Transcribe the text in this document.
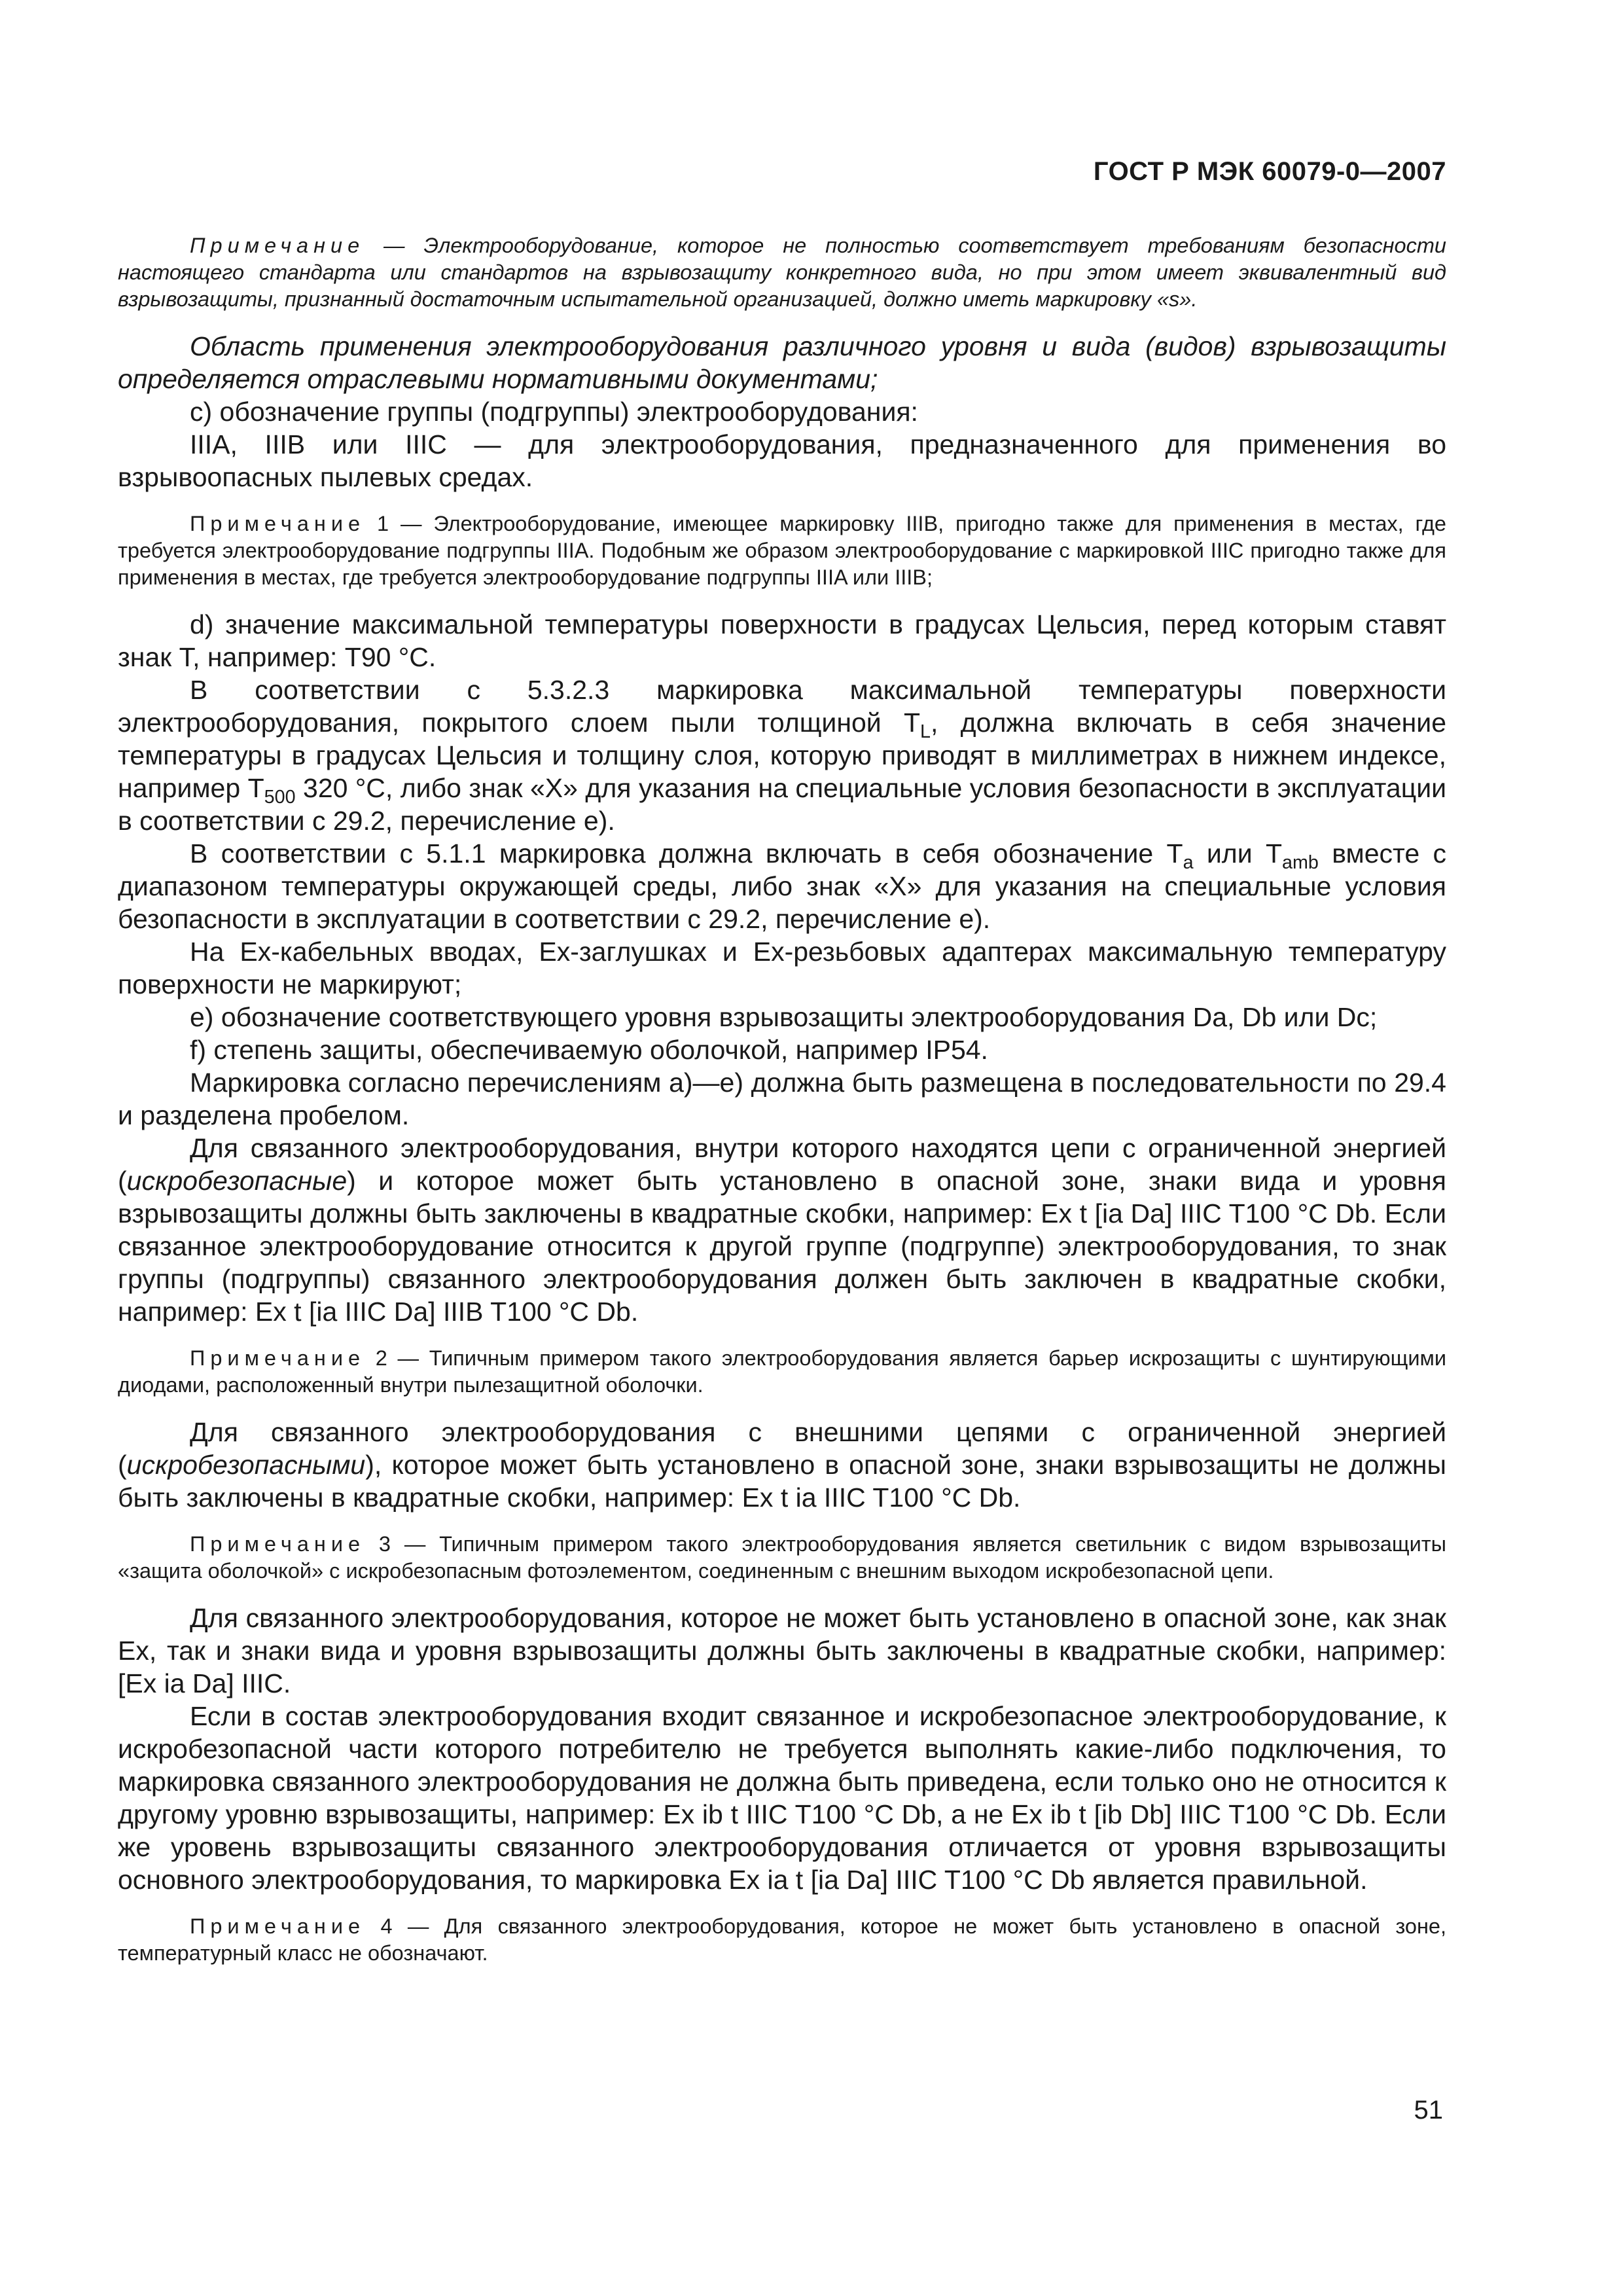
ГОСТ Р МЭК 60079-0—2007

Примечание — Электрооборудование, которое не полностью соответствует требованиям безопасности настоящего стандарта или стандартов на взрывозащиту конкретного вида, но при этом имеет эквивалентный вид взрывозащиты, признанный достаточным испытательной организацией, должно иметь маркировку «s».

Область применения электрооборудования различного уровня и вида (видов) взрывозащиты определяется отраслевыми нормативными документами;

c) обозначение группы (подгруппы) электрооборудования:

IIIA, IIIB или IIIC — для электрооборудования, предназначенного для применения во взрывоопасных пылевых средах.

Примечание 1 — Электрооборудование, имеющее маркировку IIIB, пригодно также для применения в местах, где требуется электрооборудование подгруппы IIIA. Подобным же образом электрооборудование с маркировкой IIIC пригодно также для применения в местах, где требуется электрооборудование подгруппы IIIA или IIIB;

d) значение максимальной температуры поверхности в градусах Цельсия, перед которым ставят знак T, например: T90 °C.

В соответствии с 5.3.2.3 маркировка максимальной температуры поверхности электрооборудования, покрытого слоем пыли толщиной $T_L$, должна включать в себя значение температуры в градусах Цельсия и толщину слоя, которую приводят в миллиметрах в нижнем индексе, например $T_{500}$ 320 °C, либо знак «X» для указания на специальные условия безопасности в эксплуатации в соответствии с 29.2, перечисление e).

В соответствии с 5.1.1 маркировка должна включать в себя обозначение $T_a$ или $T_{amb}$ вместе с диапазоном температуры окружающей среды, либо знак «X» для указания на специальные условия безопасности в эксплуатации в соответствии с 29.2, перечисление e).

На Ex-кабельных вводах, Ex-заглушках и Ex-резьбовых адаптерах максимальную температуру поверхности не маркируют;

e) обозначение соответствующего уровня взрывозащиты электрооборудования Da, Db или Dc;

f) степень защиты, обеспечиваемую оболочкой, например IP54.

Маркировка согласно перечислениям a)—e) должна быть размещена в последовательности по 29.4 и разделена пробелом.

Для связанного электрооборудования, внутри которого находятся цепи с ограниченной энергией (искробезопасные) и которое может быть установлено в опасной зоне, знаки вида и уровня взрывозащиты должны быть заключены в квадратные скобки, например: Ex t [ia Da] IIIC T100 °C Db. Если связанное электрооборудование относится к другой группе (подгруппе) электрооборудования, то знак группы (подгруппы) связанного электрооборудования должен быть заключен в квадратные скобки, например: Ex t [ia IIIC Da] IIIB T100 °C Db.

Примечание 2 — Типичным примером такого электрооборудования является барьер искрозащиты с шунтирующими диодами, расположенный внутри пылезащитной оболочки.

Для связанного электрооборудования с внешними цепями с ограниченной энергией (искробезопасными), которое может быть установлено в опасной зоне, знаки взрывозащиты не должны быть заключены в квадратные скобки, например: Ex t ia IIIC T100 °C Db.

Примечание 3 — Типичным примером такого электрооборудования является светильник с видом взрывозащиты «защита оболочкой» с искробезопасным фотоэлементом, соединенным с внешним выходом искробезопасной цепи.

Для связанного электрооборудования, которое не может быть установлено в опасной зоне, как знак Ex, так и знаки вида и уровня взрывозащиты должны быть заключены в квадратные скобки, например: [Ex ia Da] IIIC.

Если в состав электрооборудования входит связанное и искробезопасное электрооборудование, к искробезопасной части которого потребителю не требуется выполнять какие-либо подключения, то маркировка связанного электрооборудования не должна быть приведена, если только оно не относится к другому уровню взрывозащиты, например: Ex ib t IIIC T100 °C Db, а не Ex ib t [ib Db] IIIC T100 °C Db. Если же уровень взрывозащиты связанного электрооборудования отличается от уровня взрывозащиты основного электрооборудования, то маркировка Ex ia t [ia Da] IIIC T100 °C Db является правильной.

Примечание 4 — Для связанного электрооборудования, которое не может быть установлено в опасной зоне, температурный класс не обозначают.

51
